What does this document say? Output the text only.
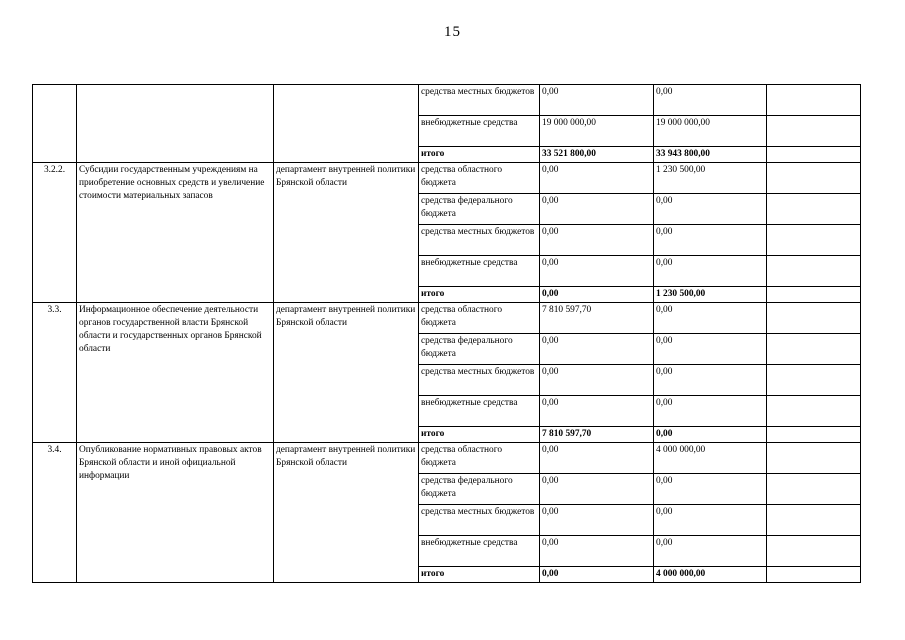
15
			средства местных бюджетов	0,00	0,00	
			внебюджетные средства	19 000 000,00	19 000 000,00	
			итого	33 521 800,00	33 943 800,00	
3.2.2.	Субсидии государственным учреждениям на приобретение основных средств и увеличение стоимости материальных запасов	департамент внутренней политики Брянской области	средства областного бюджета	0,00	1 230 500,00	
			средства федерального бюджета	0,00	0,00	
			средства местных бюджетов	0,00	0,00	
			внебюджетные средства	0,00	0,00	
			итого	0,00	1 230 500,00	
3.3.	Информационное обеспечение деятельности органов государственной власти Брянской области и государственных органов Брянской области	департамент внутренней политики Брянской области	средства областного бюджета	7 810 597,70	0,00	
			средства федерального бюджета	0,00	0,00	
			средства местных бюджетов	0,00	0,00	
			внебюджетные средства	0,00	0,00	
			итого	7 810 597,70	0,00	
3.4.	Опубликование нормативных правовых актов Брянской области и иной официальной информации	департамент внутренней политики Брянской области	средства областного бюджета	0,00	4 000 000,00	
			средства федерального бюджета	0,00	0,00	
			средства местных бюджетов	0,00	0,00	
			внебюджетные средства	0,00	0,00	
			итого	0,00	4 000 000,00	
